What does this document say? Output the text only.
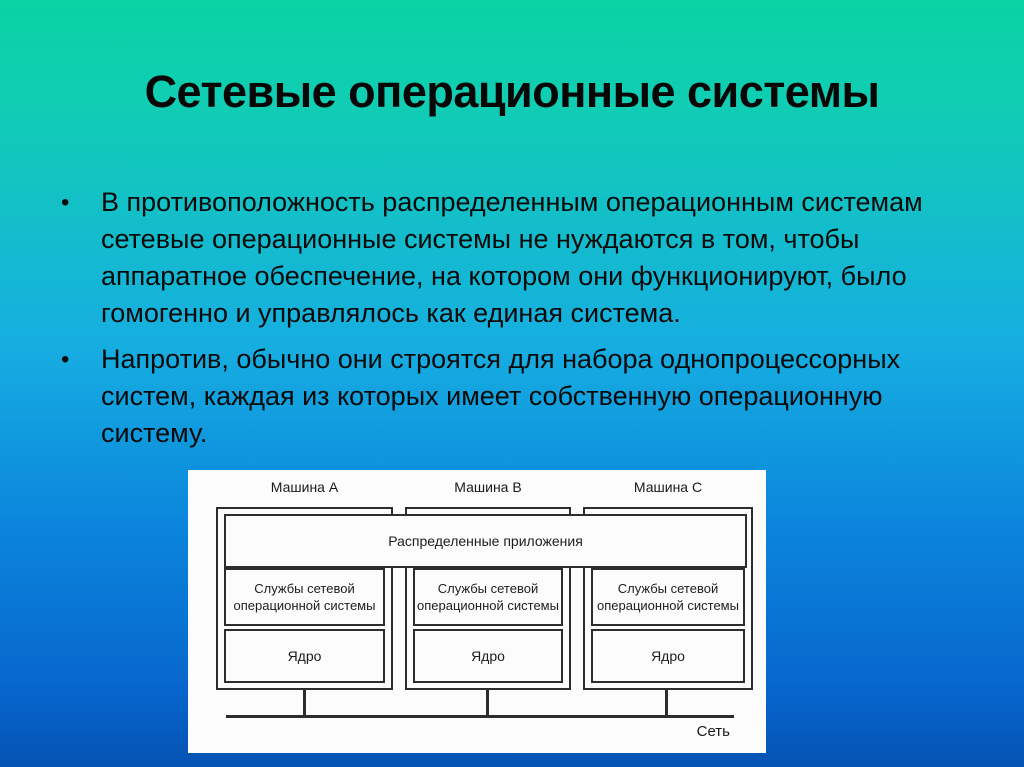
Сетевые операционные системы
•	В противоположность распределенным операционным системам сетевые операционные системы не нуждаются в том, чтобы аппаратное обеспечение, на котором они функционируют, было гомогенно и управлялось как единая система.
•	Напротив, обычно они строятся для набора однопроцессорных систем, каждая из которых имеет собственную операционную систему.
Машина A	Машина B	Машина C
Службы сетевой операционной системы
Ядро
Службы сетевой операционной системы
Ядро
Службы сетевой операционной системы
Ядро
Распределенные приложения
Сеть
